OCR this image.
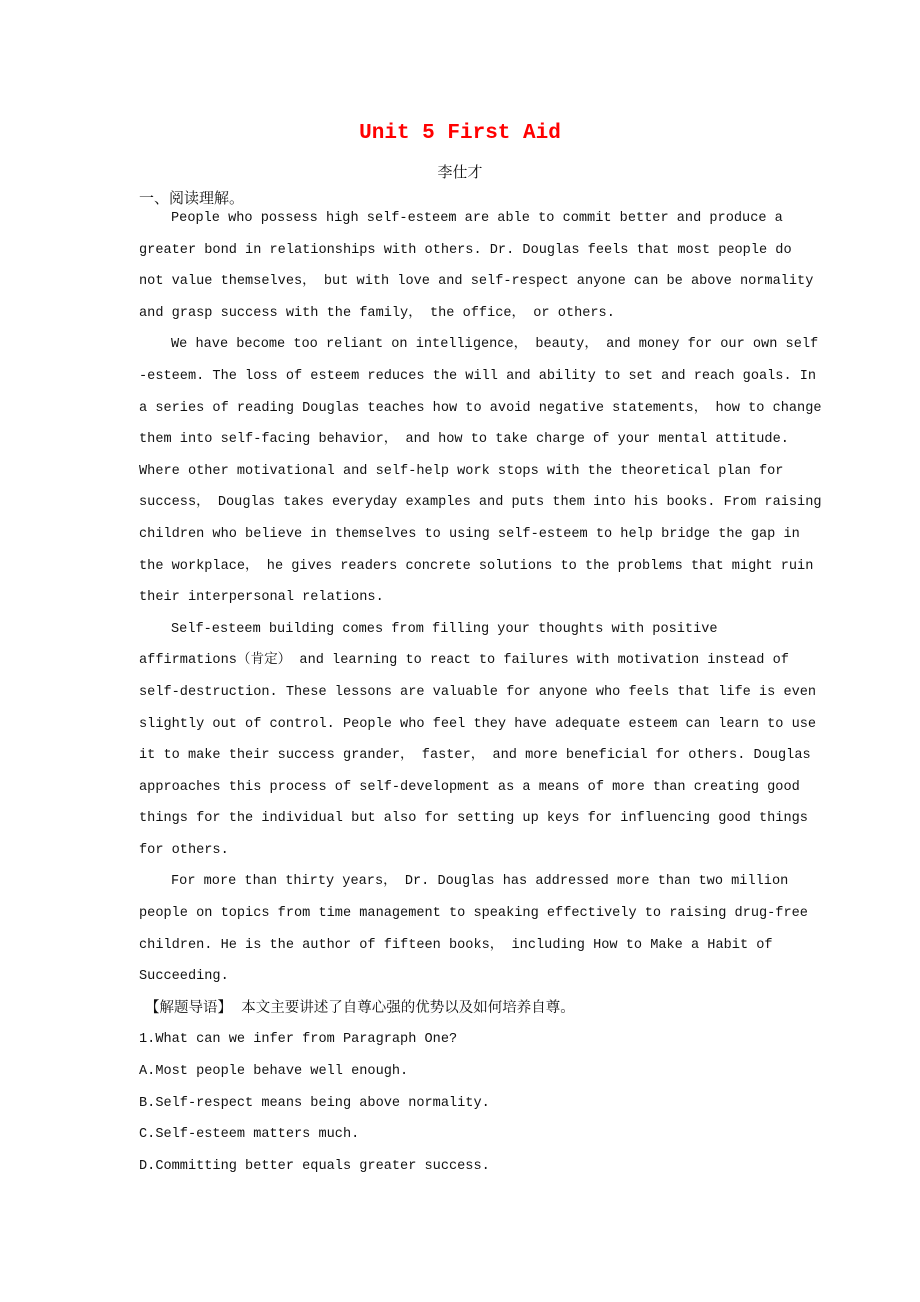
Unit 5 First Aid
李仕才
一、阅读理解。
People who possess high self-esteem are able to commit better and produce a
greater bond in relationships with others. Dr. Douglas feels that most people do
not value themselves， but with love and self-respect anyone can be above normality
and grasp success with the family， the office， or others.
We have become too reliant on intelligence， beauty， and money for our own self
-esteem. The loss of esteem reduces the will and ability to set and reach goals. In
a series of reading Douglas teaches how to avoid negative statements， how to change
them into self-facing behavior， and how to take charge of your mental attitude.
Where other motivational and self-help work stops with the theoretical plan for
success， Douglas takes everyday examples and puts them into his books. From raising
children who believe in themselves to using self-esteem to help bridge the gap in
the workplace， he gives readers concrete solutions to the problems that might ruin
their interpersonal relations.
Self-esteem building comes from filling your thoughts with positive
affirmations（肯定） and learning to react to failures with motivation instead of
self-destruction. These lessons are valuable for anyone who feels that life is even
slightly out of control. People who feel they have adequate esteem can learn to use
it to make their success grander， faster， and more beneficial for others. Douglas
approaches this process of self-development as a means of more than creating good
things for the individual but also for setting up keys for influencing good things
for others.
For more than thirty years， Dr. Douglas has addressed more than two million
people on topics from time management to speaking effectively to raising drug-free
children. He is the author of fifteen books， including How to Make a Habit of
Succeeding.
【解题导语】  本文主要讲述了自尊心强的优势以及如何培养自尊。
1.What can we infer from Paragraph One?
A.Most people behave well enough.
B.Self-respect means being above normality.
C.Self-esteem matters much.
D.Committing better equals greater success.
